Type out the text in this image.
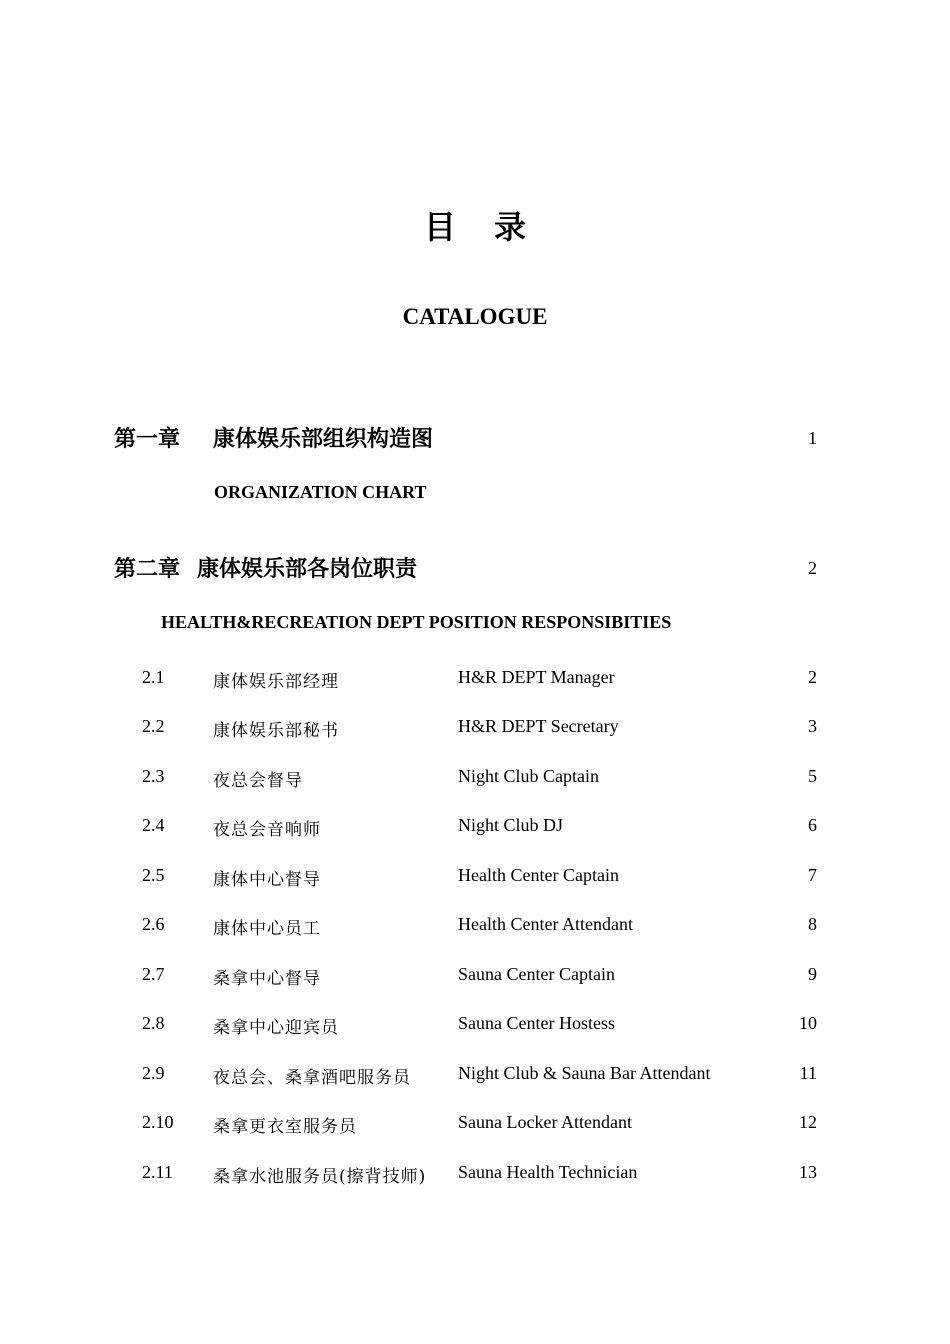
目录
CATALOGUE
第一章 康体娱乐部组织构造图	1
ORGANIZATION CHART
第二章 康体娱乐部各岗位职责	2
HEALTH&RECREATION DEPT POSITION RESPONSIBITIES
2.1	康体娱乐部经理	H&R DEPT Manager	2
2.2	康体娱乐部秘书	H&R DEPT Secretary	3
2.3	夜总会督导	Night Club Captain	5
2.4	夜总会音响师	Night Club DJ	6
2.5	康体中心督导	Health Center Captain	7
2.6	康体中心员工	Health Center Attendant	8
2.7	桑拿中心督导	Sauna Center Captain	9
2.8	桑拿中心迎宾员	Sauna Center Hostess	10
2.9	夜总会、桑拿酒吧服务员	Night Club & Sauna Bar Attendant	11
2.10 桑拿更衣室服务员	Sauna Locker Attendant	12
2.11 桑拿水池服务员(擦背技师) Sauna Health Technician	13
